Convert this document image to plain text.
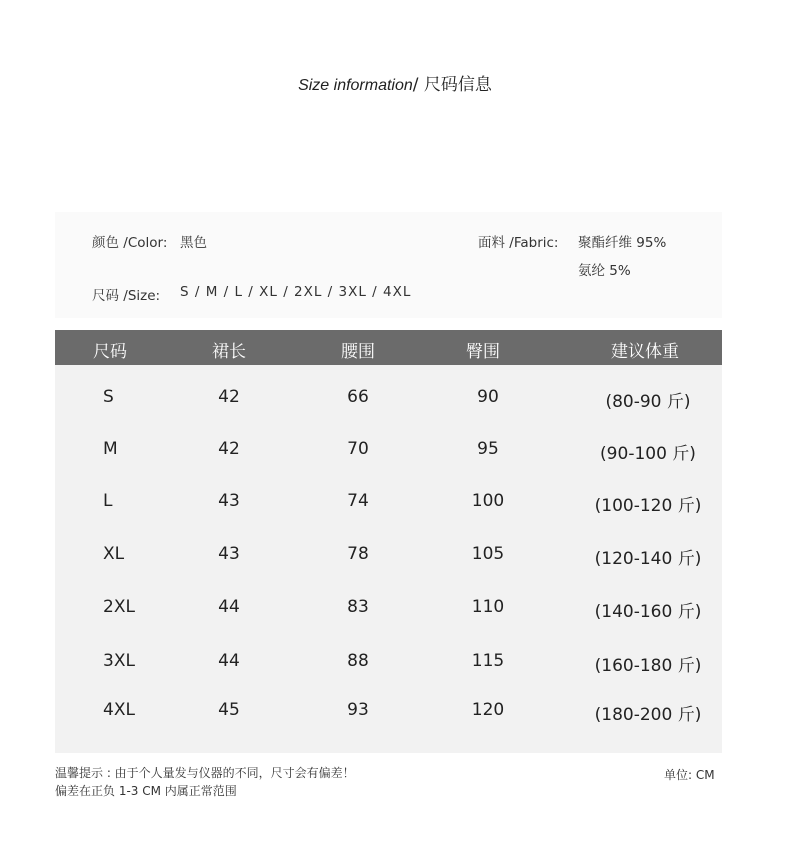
Size information/ 尺码信息
颜色 /Color: 黑色
尺码 /Size: S / M / L / XL / 2XL / 3XL / 4XL
面料 /Fabric: 聚酯纤维 95%
氨纶 5%
尺码	裙长	腰围	臀围	建议体重
S	42	66	90	(80-90 斤)
M	42	70	95	(90-100 斤)
L	43	74	100	(100-120 斤)
XL	43	78	105	(120-140 斤)
2XL	44	83	110	(140-160 斤)
3XL	44	88	115	(160-180 斤)
4XL	45	93	120	(180-200 斤)
温馨提示 : 由于个人量发与仪器的不同，尺寸会有偏差！
偏差在正负 1-3 CM 内属正常范围
单位: CM
